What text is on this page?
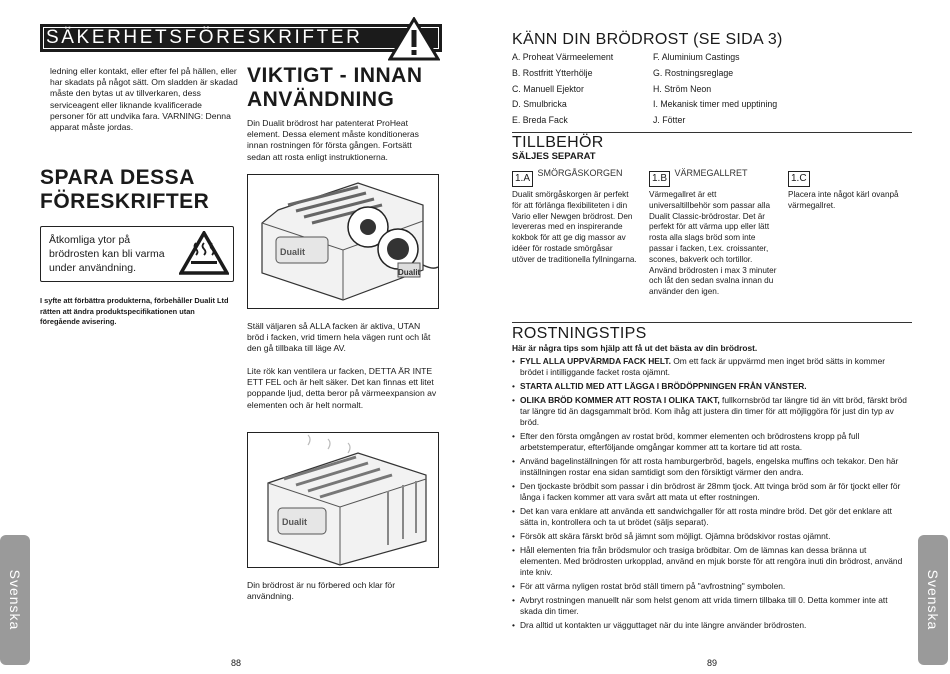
SÄKERHETSFÖRESKRIFTER
ledning eller kontakt, eller efter fel på hällen, eller har skadats på något sätt. Om sladden är skadad måste den bytas ut av tillverkaren, dess serviceagent eller liknande kvalificerade personer för att undvika fara. VARNING: Denna apparat måste jordas.
SPARA DESSA
FÖRESKRIFTER
Åtkomliga ytor på brödrosten kan bli varma under användning.
I syfte att förbättra produkterna, förbehåller Dualit Ltd rätten att ändra produktspecifikationen utan föregående avisering.
VIKTIGT - INNAN
ANVÄNDNING
Din Dualit brödrost har patenterat ProHeat element. Dessa element måste konditioneras innan rostningen för första gången. Fortsätt sedan att rosta enligt instruktionerna.
Dualit
Dualit
Ställ väljaren så ALLA facken är aktiva, UTAN bröd i facken, vrid timern hela vägen runt och låt den gå tillbaka till läge AV.
Lite rök kan ventilera ur facken, DETTA ÄR INTE ETT FEL och är helt säker. Det kan finnas ett litet poppande ljud, detta beror på värmeexpansion av elementen och är helt normalt.
Dualit
Din brödrost är nu förbered och klar för användning.
Svenska
88
KÄNN DIN BRÖDROST (SE SIDA 3)
A. Proheat Värmeelement
B. Rostfritt Ytterhölje
C. Manuell Ejektor
D. Smulbricka
E. Breda Fack
F. Aluminium Castings
G. Rostningsreglage
H. Ström Neon
I. Mekanisk timer med upptining
J. Fötter
TILLBEHÖR
SÄLJES SEPARAT
1.A $^{SMÖRGÅSKORGEN}$
Dualit smörgåskorgen är perfekt för att förlänga flexibiliteten i din Vario eller Newgen brödrost. Den levereras med en inspirerande kokbok för att ge dig massor av idéer för rostade smörgåsar utöver de traditionella fyllningarna.
1.B $^{VÄRMEGALLRET}$
Värmegallret är ett universaltillbehör som passar alla Dualit Classic-brödrostar. Det är perfekt för att värma upp eller lätt rosta alla slags bröd som inte passar i facken, t.ex. croissanter, scones, bakverk och tortillor. Använd brödrosten i max 3 minuter och låt den sedan svalna innan du använder den igen.
1.C
Placera inte något kärl ovanpå värmegallret.
ROSTNINGSTIPS
Här är några tips som hjälp att få ut det bästa av din brödrost.
• FYLL ALLA UPPVÄRMDA FACK HELT. Om ett fack är uppvärmd men inget bröd sätts in kommer brödet i intilliggande facket rosta ojämnt.
• STARTA ALLTID MED ATT LÄGGA I BRÖDÖPPNINGEN FRÅN VÄNSTER.
• OLIKA BRÖD KOMMER ATT ROSTA I OLIKA TAKT, fullkornsbröd tar längre tid än vitt bröd, färskt bröd tar längre tid än dagsgammalt bröd. Kom ihåg att justera din timer för att möjliggöra för just din typ av bröd.
• Efter den första omgången av rostat bröd, kommer elementen och brödrostens kropp på full arbetstemperatur, efterföljande omgångar kommer att ta kortare tid att rosta.
• Använd bagelinställningen för att rosta hamburgerbröd, bagels, engelska muffins och tekakor. Den här inställningen rostar ena sidan samtidigt som den försiktigt värmer den andra.
• Den tjockaste brödbit som passar i din brödrost är 28mm tjock. Att tvinga bröd som är för tjockt eller för långa i facken kommer att vara svårt att mata ut efter rostningen.
• Det kan vara enklare att använda ett sandwichgaller för att rosta mindre bröd. Det gör det enklare att sätta in, kontrollera och ta ut brödet (säljs separat).
• Försök att skära färskt bröd så jämnt som möjligt. Ojämna brödskivor rostas ojämnt.
• Håll elementen fria från brödsmulor och trasiga brödbitar. Om de lämnas kan dessa bränna ut elementen. Med brödrosten urkopplad, använd en mjuk borste för att rengöra inuti din brödrost, använd inte kniv.
• För att värma nyligen rostat bröd ställ timern på "avfrostning" symbolen.
• Avbryt rostningen manuellt när som helst genom att vrida timern tillbaka till 0. Detta kommer inte att skada din timer.
• Dra alltid ut kontakten ur vägguttaget när du inte längre använder brödrosten.	Svenska
89
